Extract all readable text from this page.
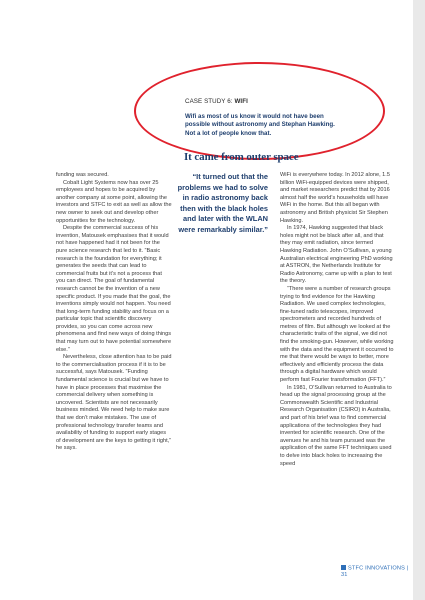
CASE STUDY 6: WIFI
Wifi as most of us know it would not have been possible without astronomy and Stephan Hawking. Not a lot of people know that.
It came from outer space

funding was secured.

Cobalt Light Systems now has over 25 employees and hopes to be acquired by another company at some point, allowing the investors and STFC to exit as well as allow the new owner to seek out and develop other opportunities for the technology.

Despite the commercial success of his invention, Matousek emphasises that it would not have happened had it not been for the pure science research that led to it. “Basic research is the foundation for everything; it generates the seeds that can lead to commercial fruits but it’s not a process that you can direct. The goal of fundamental research cannot be the invention of a new specific product. If you made that the goal, the inventions simply would not happen. You need that long-term funding stability and focus on a particular topic that scientific discovery provides, so you can come across new phenomena and find new ways of doing things that may turn out to have potential somewhere else.”

Nevertheless, close attention has to be paid to the commercialisation process if it is to be successful, says Matousek. “Funding fundamental science is crucial but we have to have in place processes that maximise the commercial delivery when something is uncovered. Scientists are not necessarily business minded. We need help to make sure that we don’t make mistakes. The use of professional technology transfer teams and availability of funding to support early stages of development are the keys to getting it right,” he says.

“It turned out that the problems we had to solve in radio astronomy back then with the black holes and later with the WLAN were remarkably similar.”

WiFi is everywhere today. In 2012 alone, 1.5 billion WiFi-equipped devices were shipped, and market researchers predict that by 2016 almost half the world’s households will have WiFi in the home. But this all began with astronomy and British physicist Sir Stephen Hawking.

In 1974, Hawking suggested that black holes might not be black after all, and that they may emit radiation, since termed Hawking Radiation. John O’Sullivan, a young Australian electrical engineering PhD working at ASTRON, the Netherlands Institute for Radio Astronomy, came up with a plan to test the theory.

“There were a number of research groups trying to find evidence for the Hawking Radiation. We used complex technologies, fine-tuned radio telescopes, improved spectrometers and recorded hundreds of metres of film. But although we looked at the characteristic traits of the signal, we did not find the smoking-gun. However, while working with the data and the equipment it occurred to me that there would be ways to better, more effectively and efficiently process the data through a digital hardware which would perform fast Fourier transformation (FFT).”

In 1981, O’Sullivan returned to Australia to head up the signal processing group at the Commonwealth Scientific and Industrial Research Organisation (CSIRO) in Australia, and part of his brief was to find commercial applications of the technologies they had invented for scientific research. One of the avenues he and his team pursued was the application of the same FFT techniques used to delve into black holes to increasing the speed

STFC INNOVATIONS | 31
